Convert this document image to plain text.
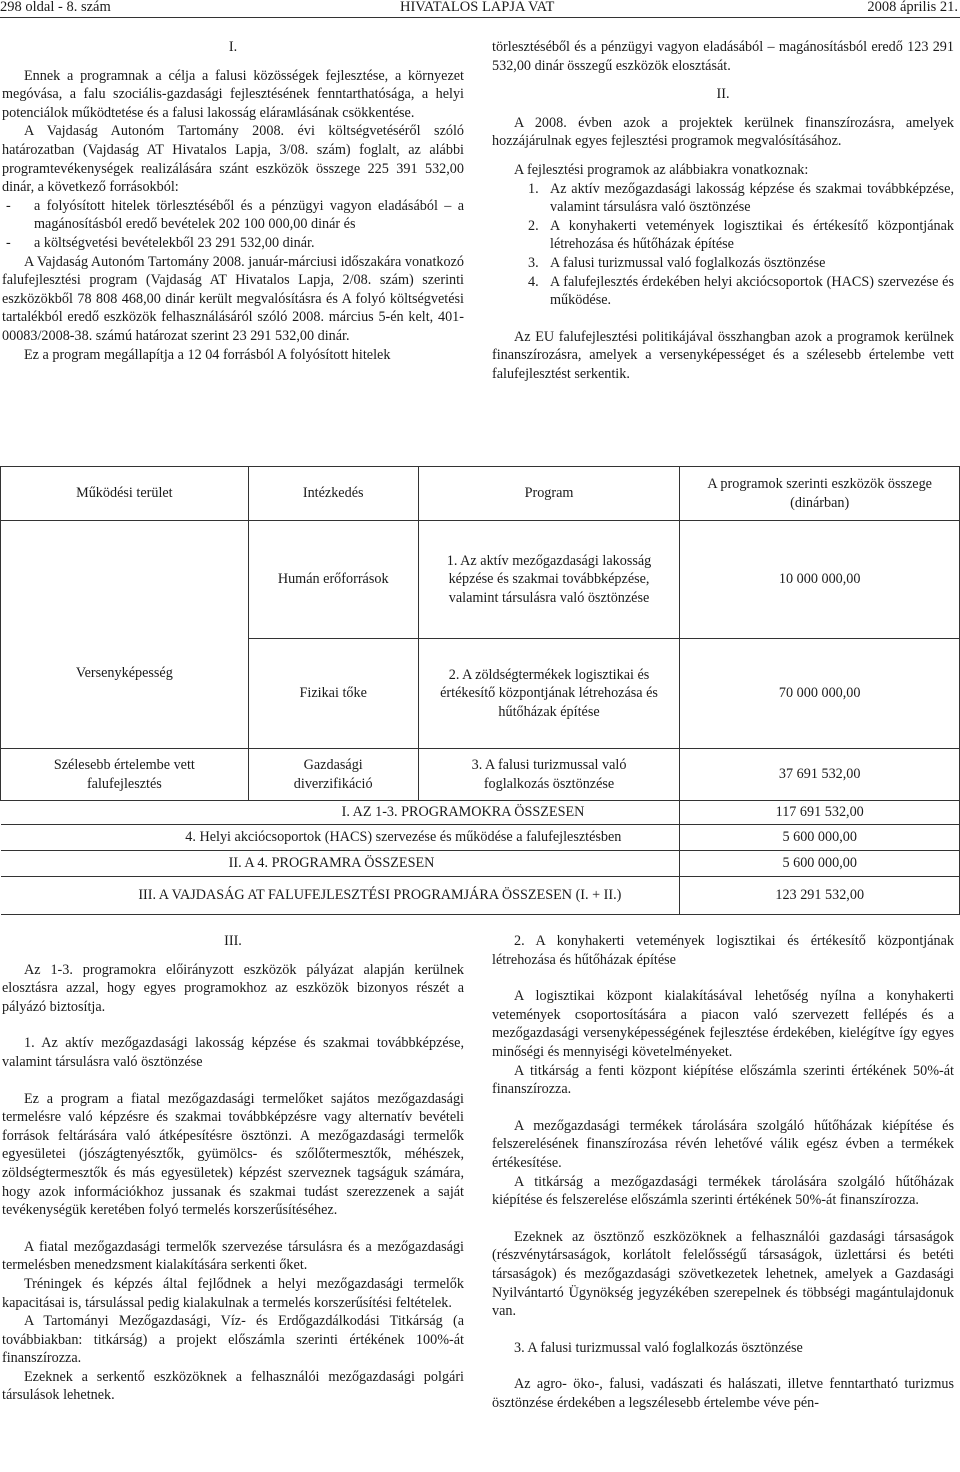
298 oldal - 8. szám	HIVATALOS LAPJA VAT	2008 április 21.

I.

Ennek a programnak a célja a falusi közösségek fejlesztése, a környezet megóvása, a falu szociális-gazdasági fejlesztésének fenntarthatósága, a helyi potenciálok működtetése és a falusi lakosság elárамlásának csökkentése.

A Vajdaság Autonóm Tartomány 2008. évi költségvetéséről szóló határozatban (Vajdaság AT Hivatalos Lapja, 3/08. szám) foglalt, az alábbi programtevékenységek realizálására szánt eszközök összege 225 391 532,00 dinár, a következő forrásokból:

-	a folyósított hitelek törlesztéséből és a pénzügyi vagyon eladásából – a magánosításból eredő bevételek 202 100 000,00 dinár és
-	a költségvetési bevételekből 23 291 532,00 dinár.

A Vajdaság Autonóm Tartomány 2008. január-márciusi időszakára vonatkozó falufejlesztési program (Vajdaság AT Hivatalos Lapja, 2/08. szám) szerinti eszközökből 78 808 468,00 dinár került megvalósításra és A folyó költségvetési tartalékból eredő eszközök felhasználásáról szóló 2008. március 5-én kelt, 401-00083/2008-38. számú határozat szerint 23 291 532,00 dinár.

Ez a program megállapítja a 12 04 forrásból A folyósított hitelek

törlesztéséből és a pénzügyi vagyon eladásából – magánosításból eredő 123 291 532,00 dinár összegű eszközök elosztását.

II.

A 2008. évben azok a projektek kerülnek finanszírozásra, amelyek hozzájárulnak egyes fejlesztési programok megvalósításához.

A fejlesztési programok az alábbiakra vonatkoznak:

1. Az aktív mezőgazdasági lakosság képzése és szakmai továbbképzése, valamint társulásra való ösztönzése
2. A konyhakerti vetemények logisztikai és értékesítő központjának létrehozása és hűtőházak építése
3. A falusi turizmussal való foglalkozás ösztönzése
4. A falufejlesztés érdekében helyi akciócsoportok (HACS) szervezése és működése.

Az EU falufejlesztési politikájával összhangban azok a programok kerülnek finanszírozásra, amelyek a versenyképességet és a szélesebb értelembe vett falufejlesztést serkentik.

Működési terület	Intézkedés	Program	A programok szerinti eszközök összege (dinárban)
Versenyképesség	Humán erőforrások	1. Az aktív mezőgazdasági lakosság képzése és szakmai továbbképzése, valamint társulásra való ösztönzése	10 000 000,00
	Fizikai tőke	2. A zöldségtermékek logisztikai és értékesítő központjának létrehozása és hűtőházak építése	70 000 000,00
Szélesebb értelembe vett falufejlesztés	Gazdasági diverzifikáció	3. A falusi turizmussal való foglalkozás ösztönzése	37 691 532,00
I. AZ 1-3. PROGRAMOKRA ÖSSZESEN			117 691 532,00
4. Helyi akciócsoportok (HACS) szervezése és működése a falufejlesztésben			5 600 000,00
II. A 4. PROGRAMRA ÖSSZESEN			5 600 000,00
III. A VAJDASÁG AT FALUFEJLESZTÉSI PROGRAMJÁRA ÖSSZESEN (I. + II.)			123 291 532,00

III.

Az 1-3. programokra előirányzott eszközök pályázat alapján kerülnek elosztásra azzal, hogy egyes programokhoz az eszközök bizonyos részét a pályázó biztosítja.

1. Az aktív mezőgazdasági lakosság képzése és szakmai továbbképzése, valamint társulásra való ösztönzése

Ez a program a fiatal mezőgazdasági termelőket sajátos mezőgazdasági termelésre való képzésre és szakmai továbbképzésre vagy alternatív bevételi források feltárására való átképesítésre ösztönzi. A mezőgazdasági termelők egyesületei (jószágtenyésztők, gyümölcs- és szőlőtermesztők, méhészek, zöldségtermesztők és más egyesületek) képzést szerveznek tagságuk számára, hogy azok információkhoz jussanak és szakmai tudást szerezzenek a saját tevékenységük keretében folyó termelés korszerűsítéséhez.

A fiatal mezőgazdasági termelők szervezése társulásra és a mezőgazdasági termelésben menedzsment kialakítására serkenti őket.

Tréningek és képzés által fejlődnek a helyi mezőgazdasági termelők kapacitásai is, társulással pedig kialakulnak a termelés korszerűsítési feltételek.

A Tartományi Mezőgazdasági, Víz- és Erdőgazdálkodási Titkárság (a továbbiakban: titkárság) a projekt előszámla szerinti értékének 100%-át finanszírozza.

Ezeknek a serkentő eszközöknek a felhasználói mezőgazdasági polgári társulások lehetnek.

2. A konyhakerti vetemények logisztikai és értékesítő központjának létrehozása és hűtőházak építése

A logisztikai központ kialakításával lehetőség nyílna a konyhakerti vetemények csoportosítására a piacon való szervezett fellépés és a mezőgazdasági versenyképességének fejlesztése érdekében, kielégítve így egyes minőségi és mennyiségi követelményeket.

A titkárság a fenti központ kiépítése előszámla szerinti értékének 50%-át finanszírozza.

A mezőgazdasági termékek tárolására szolgáló hűtőházak kiépítése és felszerelésének finanszírozása révén lehetővé válik egész évben a termékek értékesítése.

A titkárság a mezőgazdasági termékek tárolására szolgáló hűtőházak kiépítése és felszerelése előszámla szerinti értékének 50%-át finanszírozza.

Ezeknek az ösztönző eszközöknek a felhasználói gazdasági társaságok (részvénytársaságok, korlátolt felelősségű társaságok, üzlettársi és betéti társaságok) és mezőgazdasági szövetkezetek lehetnek, amelyek a Gazdasági Nyilvántartó Ügynökség jegyzékében szerepelnek és többségi magántulajdonuk van.

3. A falusi turizmussal való foglalkozás ösztönzése

Az agro- öko-, falusi, vadászati és halászati, illetve fenntartható turizmus ösztönzése érdekében a legszélesebb értelembe véve pén-
